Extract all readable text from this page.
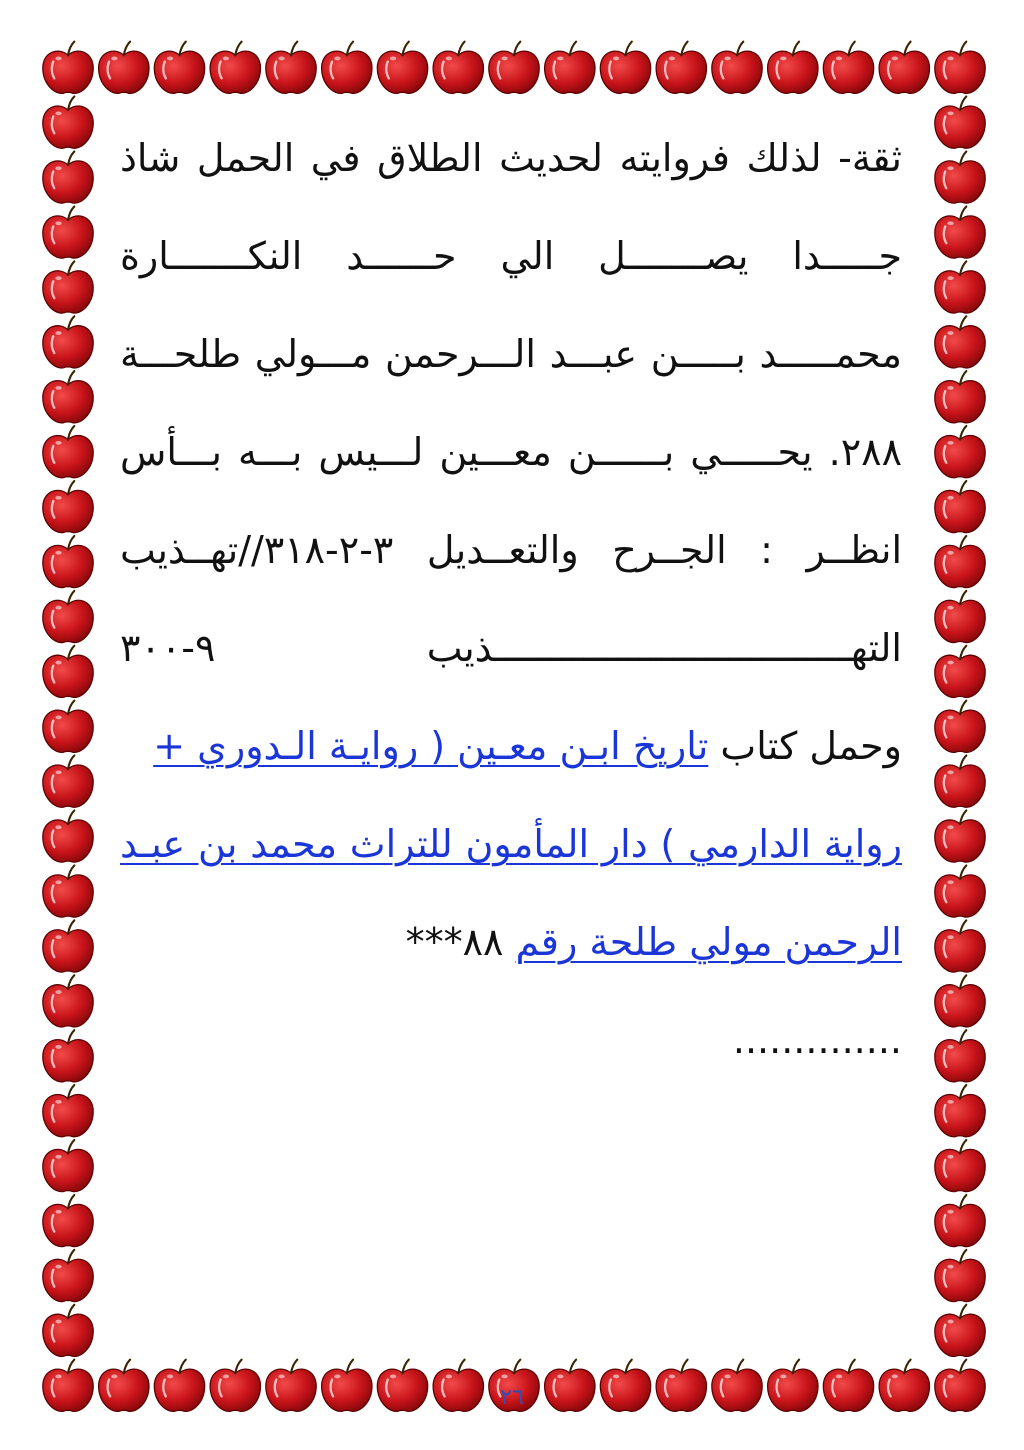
ثقة- لذلك فروايته لحديث الطلاق في الحمل شاذ
جـــــدا يصـــــــل الي حــــــد النكـــــــارة
محمـــــد بـــــن عبـــد الـــرحمن مـــولي طلحـــة
٢٨٨. يحـــــي بــــــن معـــين لـــيس بـــه بـــأس
انظــر : الجــرح والتعــديل ٣-٢-٣١٨//تهــذيب
التهــــــــــــــــــــــــــــــــذيب ٩-٣٠٠
وحمل كتاب تاريخ ابـن معـين ( روايـة الـدوري +
رواية الدارمي ) دار المأمون للتراث محمد بن عبـد
الرحمن مولي طلحة رقم ٨٨***
..............
٢٦
